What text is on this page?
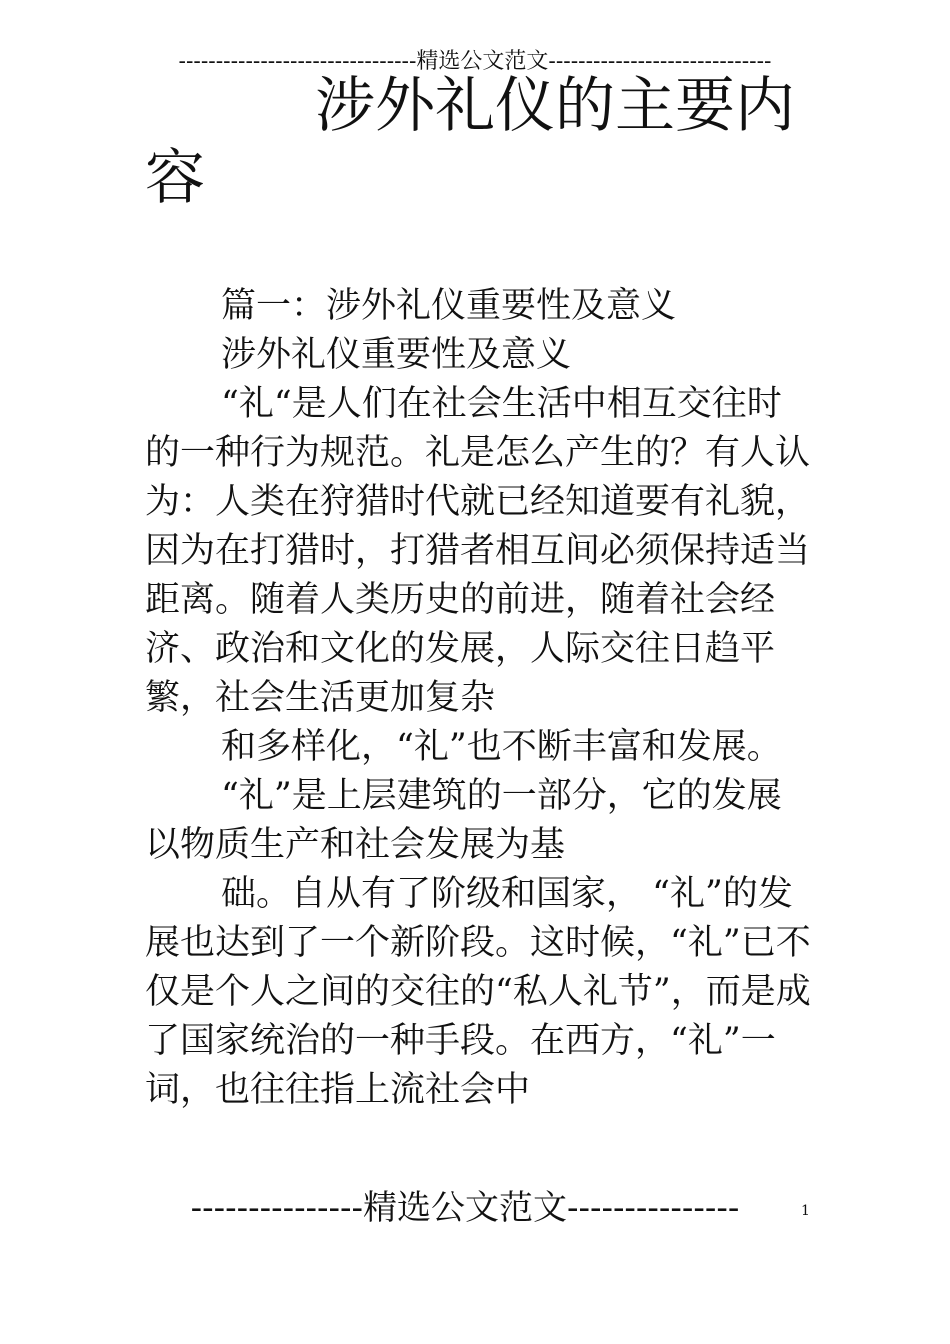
--------------------------------精选公文范文------------------------------
涉外礼仪的主要内容

篇一：涉外礼仪重要性及意义

涉外礼仪重要性及意义

“礼“是人们在社会生活中相互交往时的一种行为规范。礼是怎么产生的？有人认为：人类在狩猎时代就已经知道要有礼貌，因为在打猎时，打猎者相互间必须保持适当距离。随着人类历史的前进，随着社会经济、政治和文化的发展，人际交往日趋平繁，社会生活更加复杂

和多样化，“礼”也不断丰富和发展。

“礼”是上层建筑的一部分，它的发展以物质生产和社会发展为基

础。自从有了阶级和国家， “礼”的发展也达到了一个新阶段。这时候，“礼”已不仅是个人之间的交往的“私人礼节”，而是成了国家统治的一种手段。在西方，“礼”一词，也往往指上流社会中

---------------精选公文范文---------------	1
